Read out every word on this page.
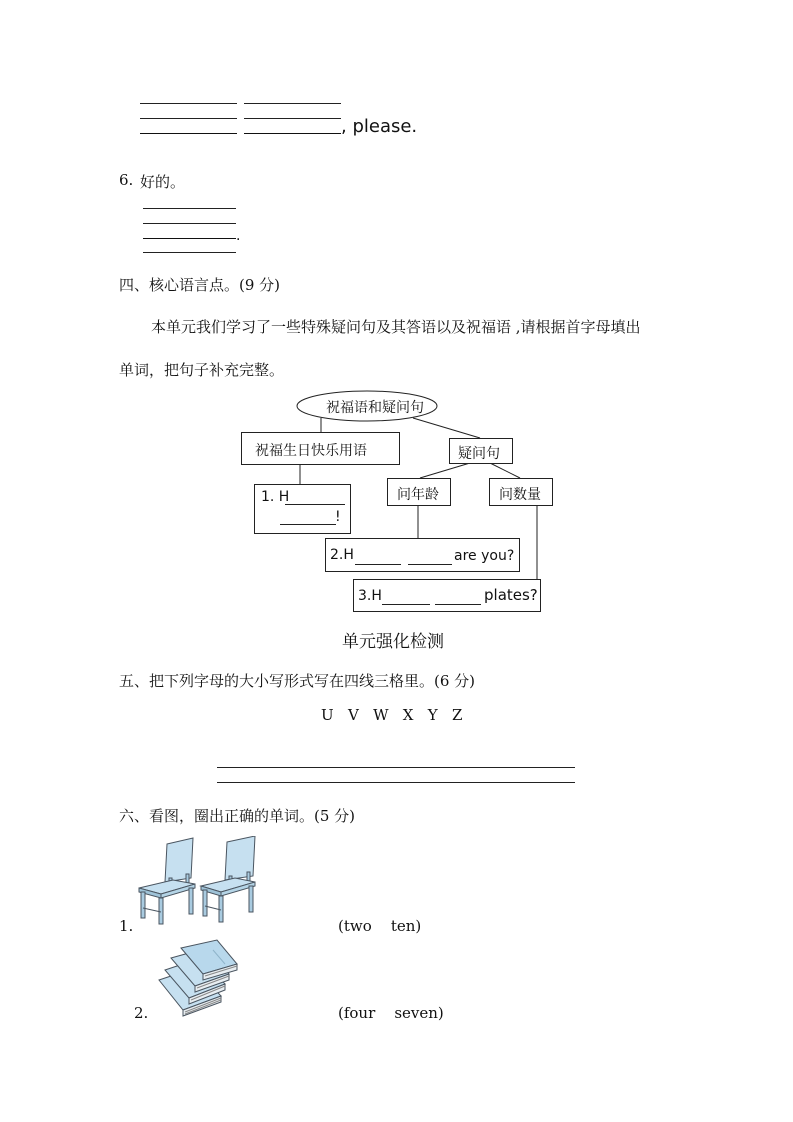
, please.
6. 好的。
.
四、核心语言点。(9 分)
本单元我们学习了一些特殊疑问句及其答语以及祝福语 ,请根据首字母填出
单词，把句子补充完整。
祝福语和疑问句
祝福生日快乐用语	疑问句
问年龄	问数量
1. H
!
2.H	are you?
3.H	plates?
单元强化检测
五、把下列字母的大小写形式写在四线三格里。(6 分)
U   V   W   X   Y   Z
六、看图，圈出正确的单词。(5 分)
1.	(two    ten)
2.	(four    seven)
